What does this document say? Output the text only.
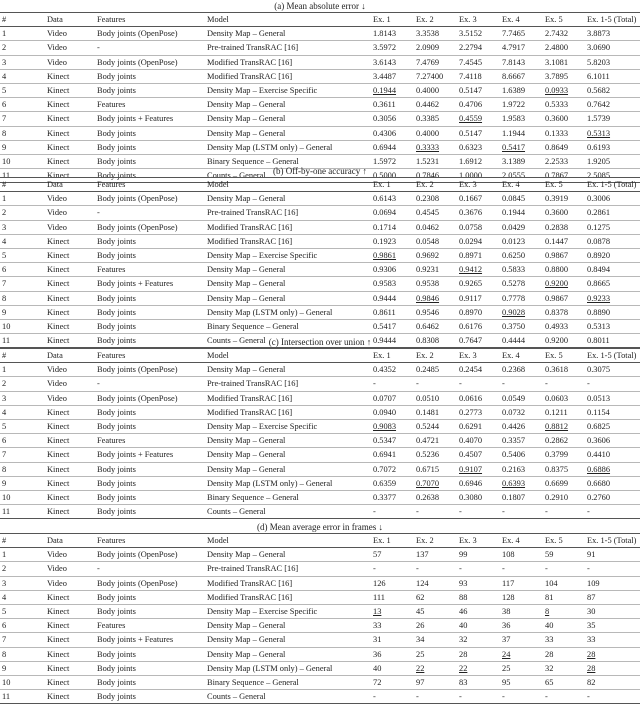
(a) Mean absolute error ↓
#	Data	Features	Model	Ex. 1	Ex. 2	Ex. 3	Ex. 4	Ex. 5	Ex. 1-5 (Total)
1	Video	Body joints (OpenPose)	Density Map – General	1.8143	3.3538	3.5152	7.7465	2.7432	3.8873
2	Video	-	Pre-trained TransRAC [16]	3.5972	2.0909	2.2794	4.7917	2.4800	3.0690
3	Video	Body joints (OpenPose)	Modified TransRAC [16]	3.6143	7.4769	7.4545	7.8143	3.1081	5.8203
4	Kinect	Body joints	Modified TransRAC [16]	3.4487	7.27400	7.4118	8.6667	3.7895	6.1011
5	Kinect	Body joints	Density Map – Exercise Specific	0.1944	0.4000	0.5147	1.6389	0.0933	0.5682
6	Kinect	Features	Density Map – General	0.3611	0.4462	0.4706	1.9722	0.5333	0.7642
7	Kinect	Body joints + Features	Density Map – General	0.3056	0.3385	0.4559	1.9583	0.3600	1.5739
8	Kinect	Body joints	Density Map – General	0.4306	0.4000	0.5147	1.1944	0.1333	0.5313
9	Kinect	Body joints	Density Map (LSTM only) – General	0.6944	0.3333	0.6323	0.5417	0.8649	0.6193
10	Kinect	Body joints	Binary Sequence – General	1.5972	1.5231	1.6912	3.1389	2.2533	1.9205
11	Kinect	Body joints	Counts – General	0.5000	0.7846	1.0000	2.0555	0.7867	2.5085
(b) Off-by-one accuracy ↑
#	Data	Features	Model	Ex. 1	Ex. 2	Ex. 3	Ex. 4	Ex. 5	Ex. 1-5 (Total)
1	Video	Body joints (OpenPose)	Density Map – General	0.6143	0.2308	0.1667	0.0845	0.3919	0.3006
2	Video	-	Pre-trained TransRAC [16]	0.0694	0.4545	0.3676	0.1944	0.3600	0.2861
3	Video	Body joints (OpenPose)	Modified TransRAC [16]	0.1714	0.0462	0.0758	0.0429	0.2838	0.1275
4	Kinect	Body joints	Modified TransRAC [16]	0.1923	0.0548	0.0294	0.0123	0.1447	0.0878
5	Kinect	Body joints	Density Map – Exercise Specific	0.9861	0.9692	0.8971	0.6250	0.9867	0.8920
6	Kinect	Features	Density Map – General	0.9306	0.9231	0.9412	0.5833	0.8800	0.8494
7	Kinect	Body joints + Features	Density Map – General	0.9583	0.9538	0.9265	0.5278	0.9200	0.8665
8	Kinect	Body joints	Density Map – General	0.9444	0.9846	0.9117	0.7778	0.9867	0.9233
9	Kinect	Body joints	Density Map (LSTM only) – General	0.8611	0.9546	0.8970	0.9028	0.8378	0.8890
10	Kinect	Body joints	Binary Sequence – General	0.5417	0.6462	0.6176	0.3750	0.4933	0.5313
11	Kinect	Body joints	Counts – General	0.9444	0.8308	0.7647	0.4444	0.9200	0.8011
(c) Intersection over union ↑
#	Data	Features	Model	Ex. 1	Ex. 2	Ex. 3	Ex. 4	Ex. 5	Ex. 1-5 (Total)
1	Video	Body joints (OpenPose)	Density Map – General	0.4352	0.2485	0.2454	0.2368	0.3618	0.3075
2	Video	-	Pre-trained TransRAC [16]	-	-	-	-	-	-
3	Video	Body joints (OpenPose)	Modified TransRAC [16]	0.0707	0.0510	0.0616	0.0549	0.0603	0.0513
4	Kinect	Body joints	Modified TransRAC [16]	0.0940	0.1481	0.2773	0.0732	0.1211	0.1154
5	Kinect	Body joints	Density Map – Exercise Specific	0.9083	0.5244	0.6291	0.4426	0.8812	0.6825
6	Kinect	Features	Density Map – General	0.5347	0.4721	0.4070	0.3357	0.2862	0.3606
7	Kinect	Body joints + Features	Density Map – General	0.6941	0.5236	0.4507	0.5406	0.3799	0.4410
8	Kinect	Body joints	Density Map – General	0.7072	0.6715	0.9107	0.2163	0.8375	0.6886
9	Kinect	Body joints	Density Map (LSTM only) – General	0.6359	0.7070	0.6946	0.6393	0.6699	0.6680
10	Kinect	Body joints	Binary Sequence – General	0.3377	0.2638	0.3080	0.1807	0.2910	0.2760
11	Kinect	Body joints	Counts – General	-	-	-	-	-	-
(d) Mean average error in frames ↓
#	Data	Features	Model	Ex. 1	Ex. 2	Ex. 3	Ex. 4	Ex. 5	Ex. 1-5 (Total)
1	Video	Body joints (OpenPose)	Density Map – General	57	137	99	108	59	91
2	Video	-	Pre-trained TransRAC [16]	-	-	-	-	-	-
3	Video	Body joints (OpenPose)	Modified TransRAC [16]	126	124	93	117	104	109
4	Kinect	Body joints	Modified TransRAC [16]	111	62	88	128	81	87
5	Kinect	Body joints	Density Map – Exercise Specific	13	45	46	38	8	30
6	Kinect	Features	Density Map – General	33	26	40	36	40	35
7	Kinect	Body joints + Features	Density Map – General	31	34	32	37	33	33
8	Kinect	Body joints	Density Map – General	36	25	28	24	28	28
9	Kinect	Body joints	Density Map (LSTM only) – General	40	22	22	25	32	28
10	Kinect	Body joints	Binary Sequence – General	72	97	83	95	65	82
11	Kinect	Body joints	Counts – General	-	-	-	-	-	-
